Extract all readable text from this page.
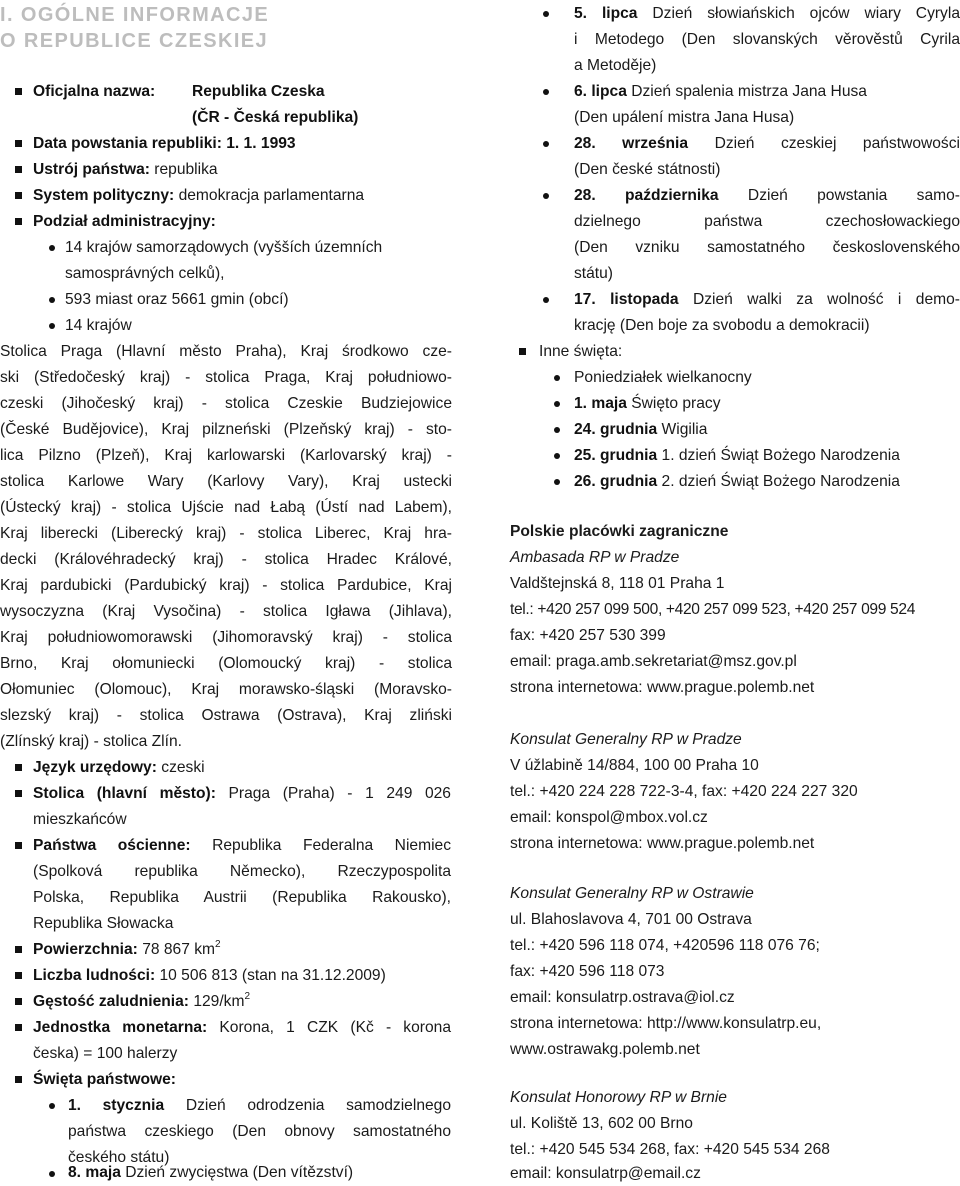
I. OGÓLNE INFORMACJE
O REPUBLICE CZESKIEJ
Oficjalna nazwa: Republika Czeska
(ČR - Česká republika)
Data powstania republiki: 1. 1. 1993
Ustrój państwa: republika
System polityczny: demokracja parlamentarna
Podział administracyjny:
14 krajów samorządowych (vyšších územních
samosprávných celků),
593 miast oraz 5661 gmin (obcí)
14 krajów
Stolica Praga (Hlavní město Praha), Kraj środkowo cze-
ski (Středočeský kraj) - stolica Praga, Kraj południowo-
czeski (Jihočeský kraj) - stolica Czeskie Budziejowice
(České Budějovice), Kraj pilzneński (Plzeňský kraj) - sto-
lica Pilzno (Plzeň), Kraj karlowarski (Karlovarský kraj) -
stolica Karlowe Wary (Karlovy Vary), Kraj ustecki
(Ústecký kraj) - stolica Ujście nad Łabą (Ústí nad Labem),
Kraj liberecki (Liberecký kraj) - stolica Liberec, Kraj hra-
decki (Královéhradecký kraj) - stolica Hradec Králové,
Kraj pardubicki (Pardubický kraj) - stolica Pardubice, Kraj
wysoczyzna (Kraj Vysočina) - stolica Igława (Jihlava),
Kraj południowomorawski (Jihomoravský kraj) - stolica
Brno, Kraj ołomuniecki (Olomoucký kraj) - stolica
Ołomuniec (Olomouc), Kraj morawsko-śląski (Moravsko-
slezský kraj) - stolica Ostrawa (Ostrava), Kraj zliński
(Zlínský kraj) - stolica Zlín.
Język urzędowy: czeski
Stolica (hlavní město): Praga (Praha) - 1 249 026
mieszkańców
Państwa ościenne: Republika Federalna Niemiec
(Spolková republika Německo), Rzeczypospolita
Polska, Republika Austrii (Republika Rakousko),
Republika Słowacka
Powierzchnia: 78 867 $km^2$
Liczba ludności: 10 506 813 (stan na 31.12.2009)
Gęstość zaludnienia: $129/km^2$
Jednostka monetarna: Korona, 1 CZK (Kč - korona
česka) = 100 halerzy
Święta państwowe:
1. stycznia Dzień odrodzenia samodzielnego
państwa czeskiego (Den obnovy samostatného
českého státu)
5. lipca Dzień słowiańskich ojców wiary Cyryla
i Metodego (Den slovanských věrověstů Cyrila
a Metoděje)
6. lipca Dzień spalenia mistrza Jana Husa
(Den upálení mistra Jana Husa)
28. września Dzień czeskiej państwowości
(Den české státnosti)
28. października Dzień powstania samo-
dzielnego państwa czechosłowackiego
(Den vzniku samostatného československého
státu)
17. listopada Dzień walki za wolność i demo-
krację (Den boje za svobodu a demokracii)
Inne święta:
Poniedziałek wielkanocny
1. maja Święto pracy
24. grudnia Wigilia
25. grudnia 1. dzień Świąt Bożego Narodzenia
26. grudnia 2. dzień Świąt Bożego Narodzenia
Polskie placówki zagraniczne
Ambasada RP w Pradze
Valdštejnská 8, 118 01 Praha 1
tel.: +420 257 099 500, +420 257 099 523, +420 257 099 524
fax: +420 257 530 399
email: praga.amb.sekretariat@msz.gov.pl
strona internetowa: www.prague.polemb.net
Konsulat Generalny RP w Pradze
V úžlabině 14/884, 100 00 Praha 10
tel.: +420 224 228 722-3-4, fax: +420 224 227 320
email: konspol@mbox.vol.cz
strona internetowa: www.prague.polemb.net
Konsulat Generalny RP w Ostrawie
ul. Blahoslavova 4, 701 00 Ostrava
tel.: +420 596 118 074, +420596 118 076 76;
fax: +420 596 118 073
email: konsulatrp.ostrava@iol.cz
strona internetowa: http://www.konsulatrp.eu,
www.ostrawakg.polemb.net
Konsulat Honorowy RP w Brnie
ul. Koliště 13, 602 00 Brno
tel.: +420 545 534 268, fax: +420 545 534 268
email: konsulatrp@email.cz
8. maja Dzień zwycięstwa (Den vítězství)
